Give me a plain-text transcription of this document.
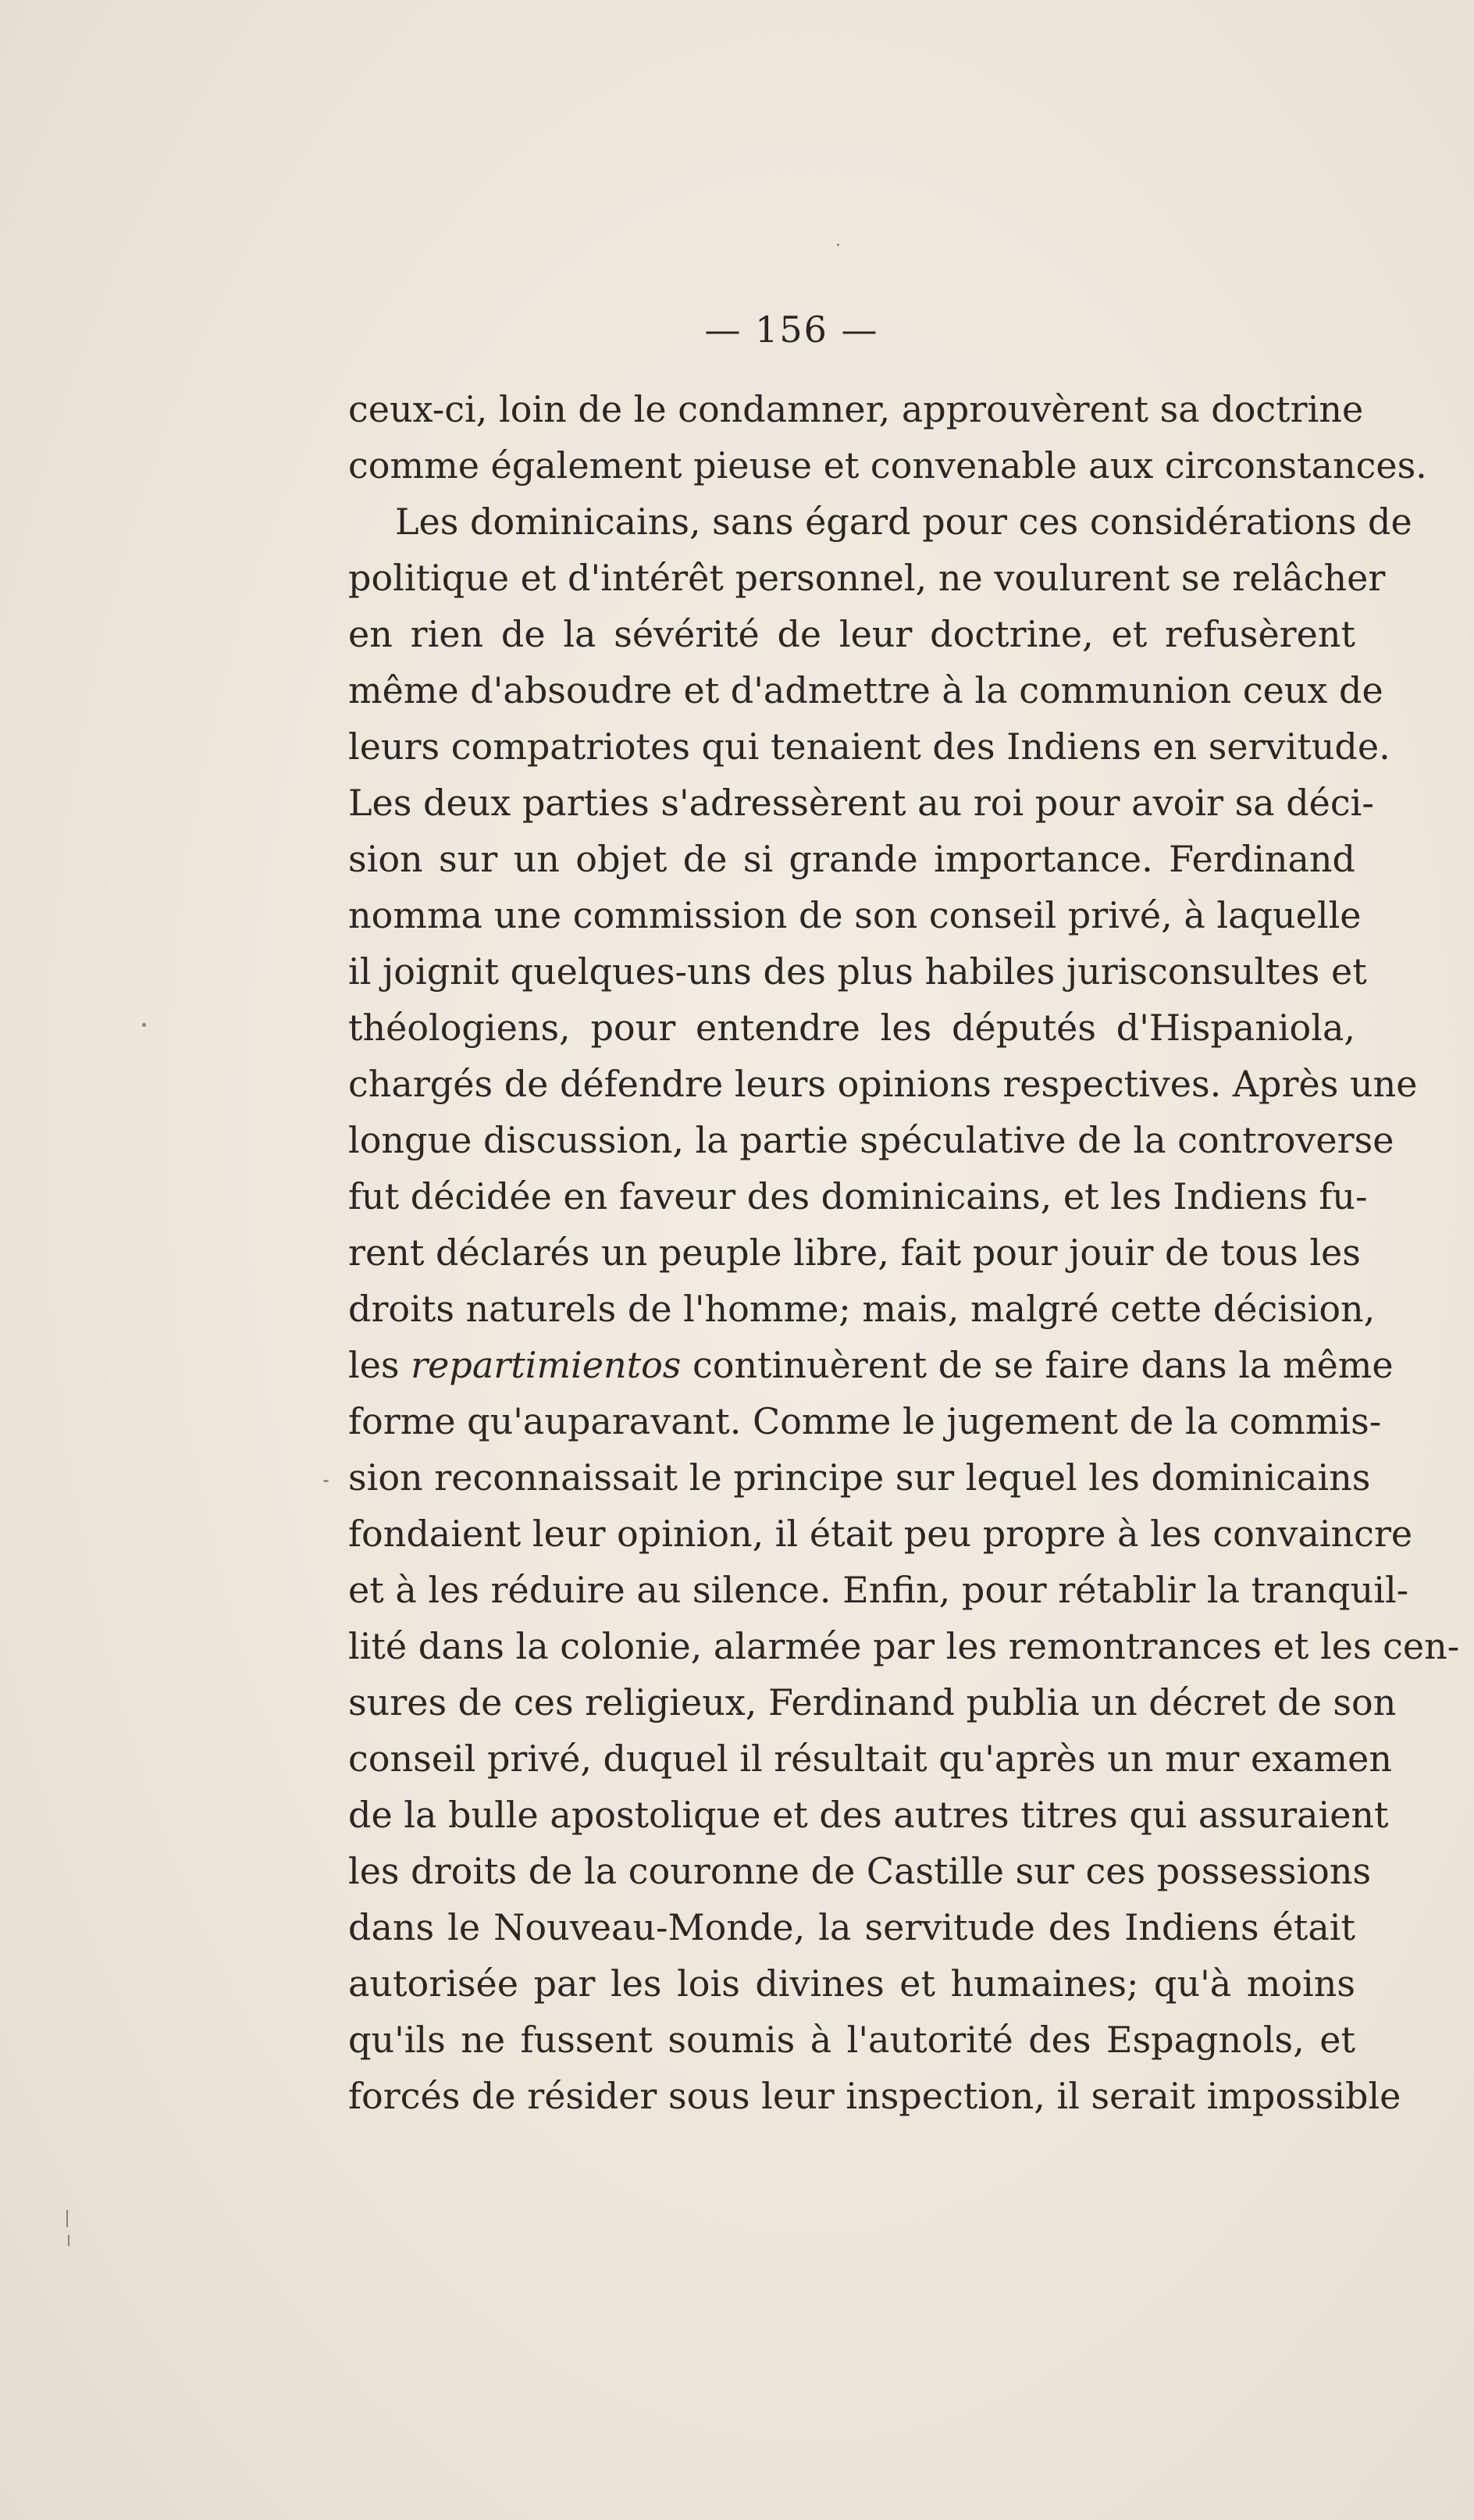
— 156 —
ceux-ci, loin de le condamner, approuvèrent sa doctrine
comme également pieuse et convenable aux circonstances.
Les dominicains, sans égard pour ces considérations de
politique et d'intérêt personnel, ne voulurent se relâcher
en rien de la sévérité de leur doctrine, et refusèrent
même d'absoudre et d'admettre à la communion ceux de
leurs compatriotes qui tenaient des Indiens en servitude.
Les deux parties s'adressèrent au roi pour avoir sa déci-
sion sur un objet de si grande importance. Ferdinand
nomma une commission de son conseil privé, à laquelle
il joignit quelques-uns des plus habiles jurisconsultes et
théologiens, pour entendre les députés d'Hispaniola,
chargés de défendre leurs opinions respectives. Après une
longue discussion, la partie spéculative de la controverse
fut décidée en faveur des dominicains, et les Indiens fu-
rent déclarés un peuple libre, fait pour jouir de tous les
droits naturels de l'homme; mais, malgré cette décision,
les repartimientos continuèrent de se faire dans la même
forme qu'auparavant. Comme le jugement de la commis-
sion reconnaissait le principe sur lequel les dominicains
fondaient leur opinion, il était peu propre à les convaincre
et à les réduire au silence. Enfin, pour rétablir la tranquil-
lité dans la colonie, alarmée par les remontrances et les cen-
sures de ces religieux, Ferdinand publia un décret de son
conseil privé, duquel il résultait qu'après un mur examen
de la bulle apostolique et des autres titres qui assuraient
les droits de la couronne de Castille sur ces possessions
dans le Nouveau-Monde, la servitude des Indiens était
autorisée par les lois divines et humaines; qu'à moins
qu'ils ne fussent soumis à l'autorité des Espagnols, et
forcés de résider sous leur inspection, il serait impossible
